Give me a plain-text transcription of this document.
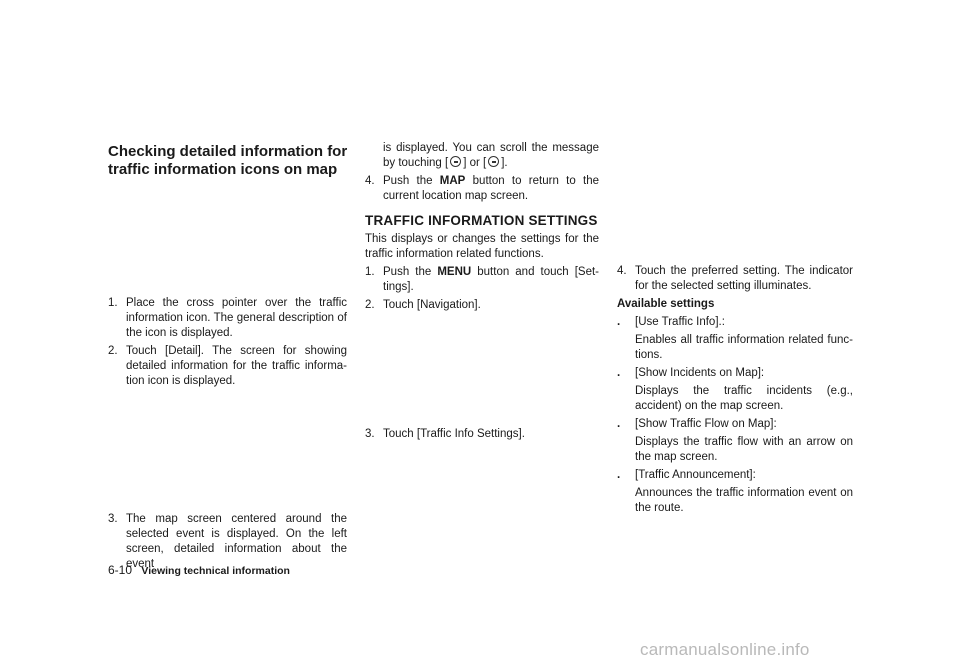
Checking detailed information for
traffic information icons on map
1. Place the cross pointer over the traffic information icon. The general description of the icon is displayed.
2. Touch [Detail]. The screen for showing detailed information for the traffic informa-tion icon is displayed.
3. The map screen centered around the selected event is displayed. On the left screen, detailed information about the event

is displayed. You can scroll the message by touching [ ] or [ ].

4. Push the MAP button to return to the current location map screen.
TRAFFIC INFORMATION SETTINGS

This displays or changes the settings for the traffic information related functions.

1. Push the MENU button and touch [Set-tings].
2. Touch [Navigation].
3. Touch [Traffic Info Settings].
4. Touch the preferred setting. The indicator for the selected setting illuminates.
Available settings
. [Use Traffic Info].:
Enables all traffic information related func-tions.
. [Show Incidents on Map]:
Displays the traffic incidents (e.g., accident) on the map screen.
. [Show Traffic Flow on Map]:
Displays the traffic flow with an arrow on the map screen.
. [Traffic Announcement]:
Announces the traffic information event on the route.
6-10 Viewing technical information
carmanualsonline.info
